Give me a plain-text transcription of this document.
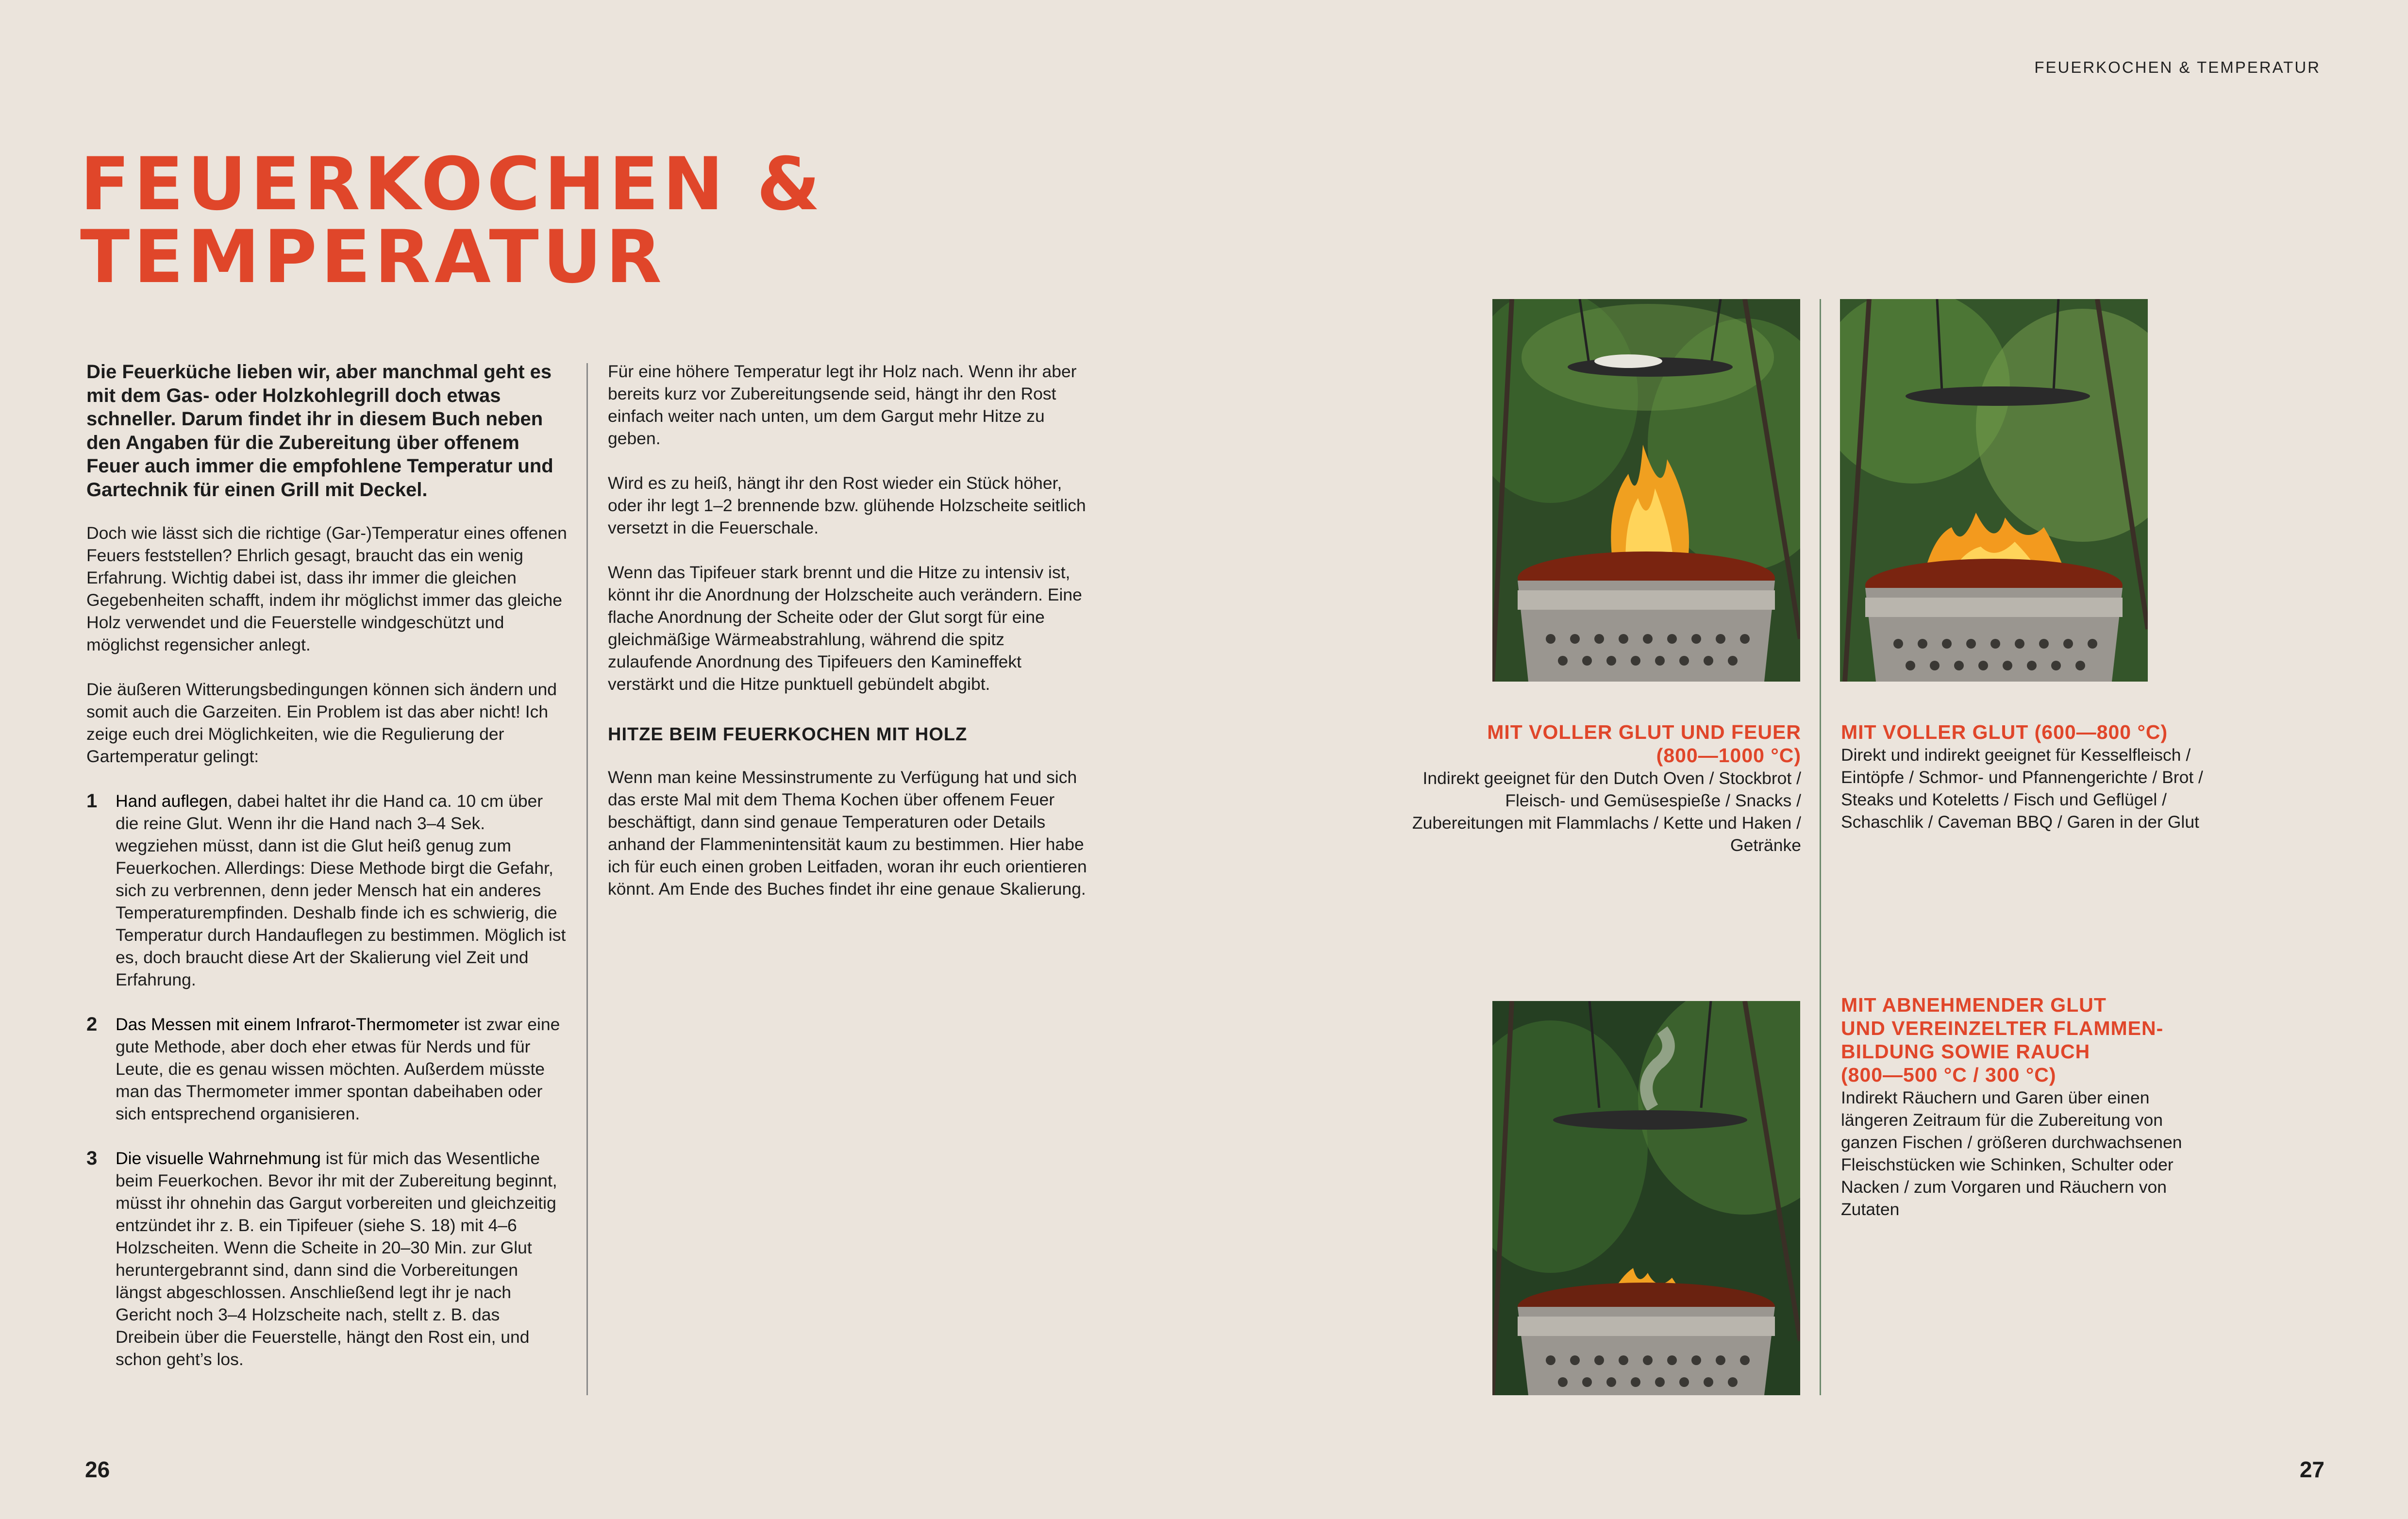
FEUERKOCHEN & TEMPERATUR
FEUERKOCHEN &
TEMPERATUR

Die Feuerküche lieben wir, aber manchmal geht es mit dem Gas- oder Holzkohlegrill doch etwas schneller. Darum findet ihr in diesem Buch neben den Angaben für die Zubereitung über offenem Feuer auch immer die empfohlene Temperatur und Gartechnik für einen Grill mit Deckel.

Doch wie lässt sich die richtige (Gar-)Temperatur eines offenen Feuers feststellen? Ehrlich gesagt, braucht das ein wenig Erfahrung. Wichtig dabei ist, dass ihr immer die gleichen Gegebenheiten schafft, indem ihr möglichst immer das gleiche Holz verwendet und die Feuerstelle windgeschützt und möglichst regensicher anlegt.

Die äußeren Witterungsbedingungen können sich ändern und somit auch die Garzeiten. Ein Problem ist das aber nicht! Ich zeige euch drei Möglichkeiten, wie die Regulierung der Gartemperatur gelingt:

1 Hand auflegen, dabei haltet ihr die Hand ca. 10 cm über die reine Glut. Wenn ihr die Hand nach 3–4 Sek. wegziehen müsst, dann ist die Glut heiß genug zum Feuerkochen. Allerdings: Diese Methode birgt die Gefahr, sich zu verbrennen, denn jeder Mensch hat ein anderes Temperaturempfinden. Deshalb finde ich es schwierig, die Temperatur durch Handauflegen zu bestimmen. Möglich ist es, doch braucht diese Art der Skalierung viel Zeit und Erfahrung.
2 Das Messen mit einem Infrarot-Thermometer ist zwar eine gute Methode, aber doch eher etwas für Nerds und für Leute, die es genau wissen möchten. Außerdem müsste man das Thermometer immer spontan dabeihaben oder sich entsprechend organisieren.
3 Die visuelle Wahrnehmung ist für mich das Wesentliche beim Feuerkochen. Bevor ihr mit der Zubereitung beginnt, müsst ihr ohnehin das Gargut vorbereiten und gleichzeitig entzündet ihr z. B. ein Tipifeuer (siehe S. 18) mit 4–6 Holzscheiten. Wenn die Scheite in 20–30 Min. zur Glut heruntergebrannt sind, dann sind die Vorbereitungen längst abgeschlossen. Anschließend legt ihr je nach Gericht noch 3–4 Holzscheite nach, stellt z. B. das Dreibein über die Feuerstelle, hängt den Rost ein, und schon geht’s los.

Für eine höhere Temperatur legt ihr Holz nach. Wenn ihr aber bereits kurz vor Zubereitungsende seid, hängt ihr den Rost einfach weiter nach unten, um dem Gargut mehr Hitze zu geben.

Wird es zu heiß, hängt ihr den Rost wieder ein Stück höher, oder ihr legt 1–2 brennende bzw. glühende Holzscheite seitlich versetzt in die Feuerschale.

Wenn das Tipifeuer stark brennt und die Hitze zu intensiv ist, könnt ihr die Anordnung der Holzscheite auch verändern. Eine flache Anordnung der Scheite oder der Glut sorgt für eine gleichmäßige Wärmeabstrahlung, während die spitz zulaufende Anordnung des Tipifeuers den Kamineffekt verstärkt und die Hitze punktuell gebündelt abgibt.

HITZE BEIM FEUERKOCHEN MIT HOLZ

Wenn man keine Messinstrumente zu Verfügung hat und sich das erste Mal mit dem Thema Kochen über offenem Feuer beschäftigt, dann sind genaue Temperaturen oder Details anhand der Flammenintensität kaum zu bestimmen. Hier habe ich für euch einen groben Leitfaden, woran ihr euch orientieren könnt. Am Ende des Buches findet ihr eine genaue Skalierung.

MIT VOLLER GLUT UND FEUER
(800—1000 °C)

Indirekt geeignet für den Dutch Oven / Stockbrot / Fleisch- und Gemüsespieße / Snacks / Zubereitungen mit Flammlachs / Kette und Haken / Getränke

MIT VOLLER GLUT (600—800 °C)

Direkt und indirekt geeignet für Kesselfleisch / Eintöpfe / Schmor- und Pfannengerichte / Brot / Steaks und Koteletts / Fisch und Geflügel / Schaschlik / Caveman BBQ / Garen in der Glut

MIT ABNEHMENDER GLUT
UND VEREINZELTER FLAMMEN-
BILDUNG SOWIE RAUCH
(800—500 °C / 300 °C)

Indirekt Räuchern und Garen über einen längeren Zeitraum für die Zubereitung von ganzen Fischen / größeren durchwachsenen Fleischstücken wie Schinken, Schulter oder Nacken / zum Vorgaren und Räuchern von Zutaten

26	27
